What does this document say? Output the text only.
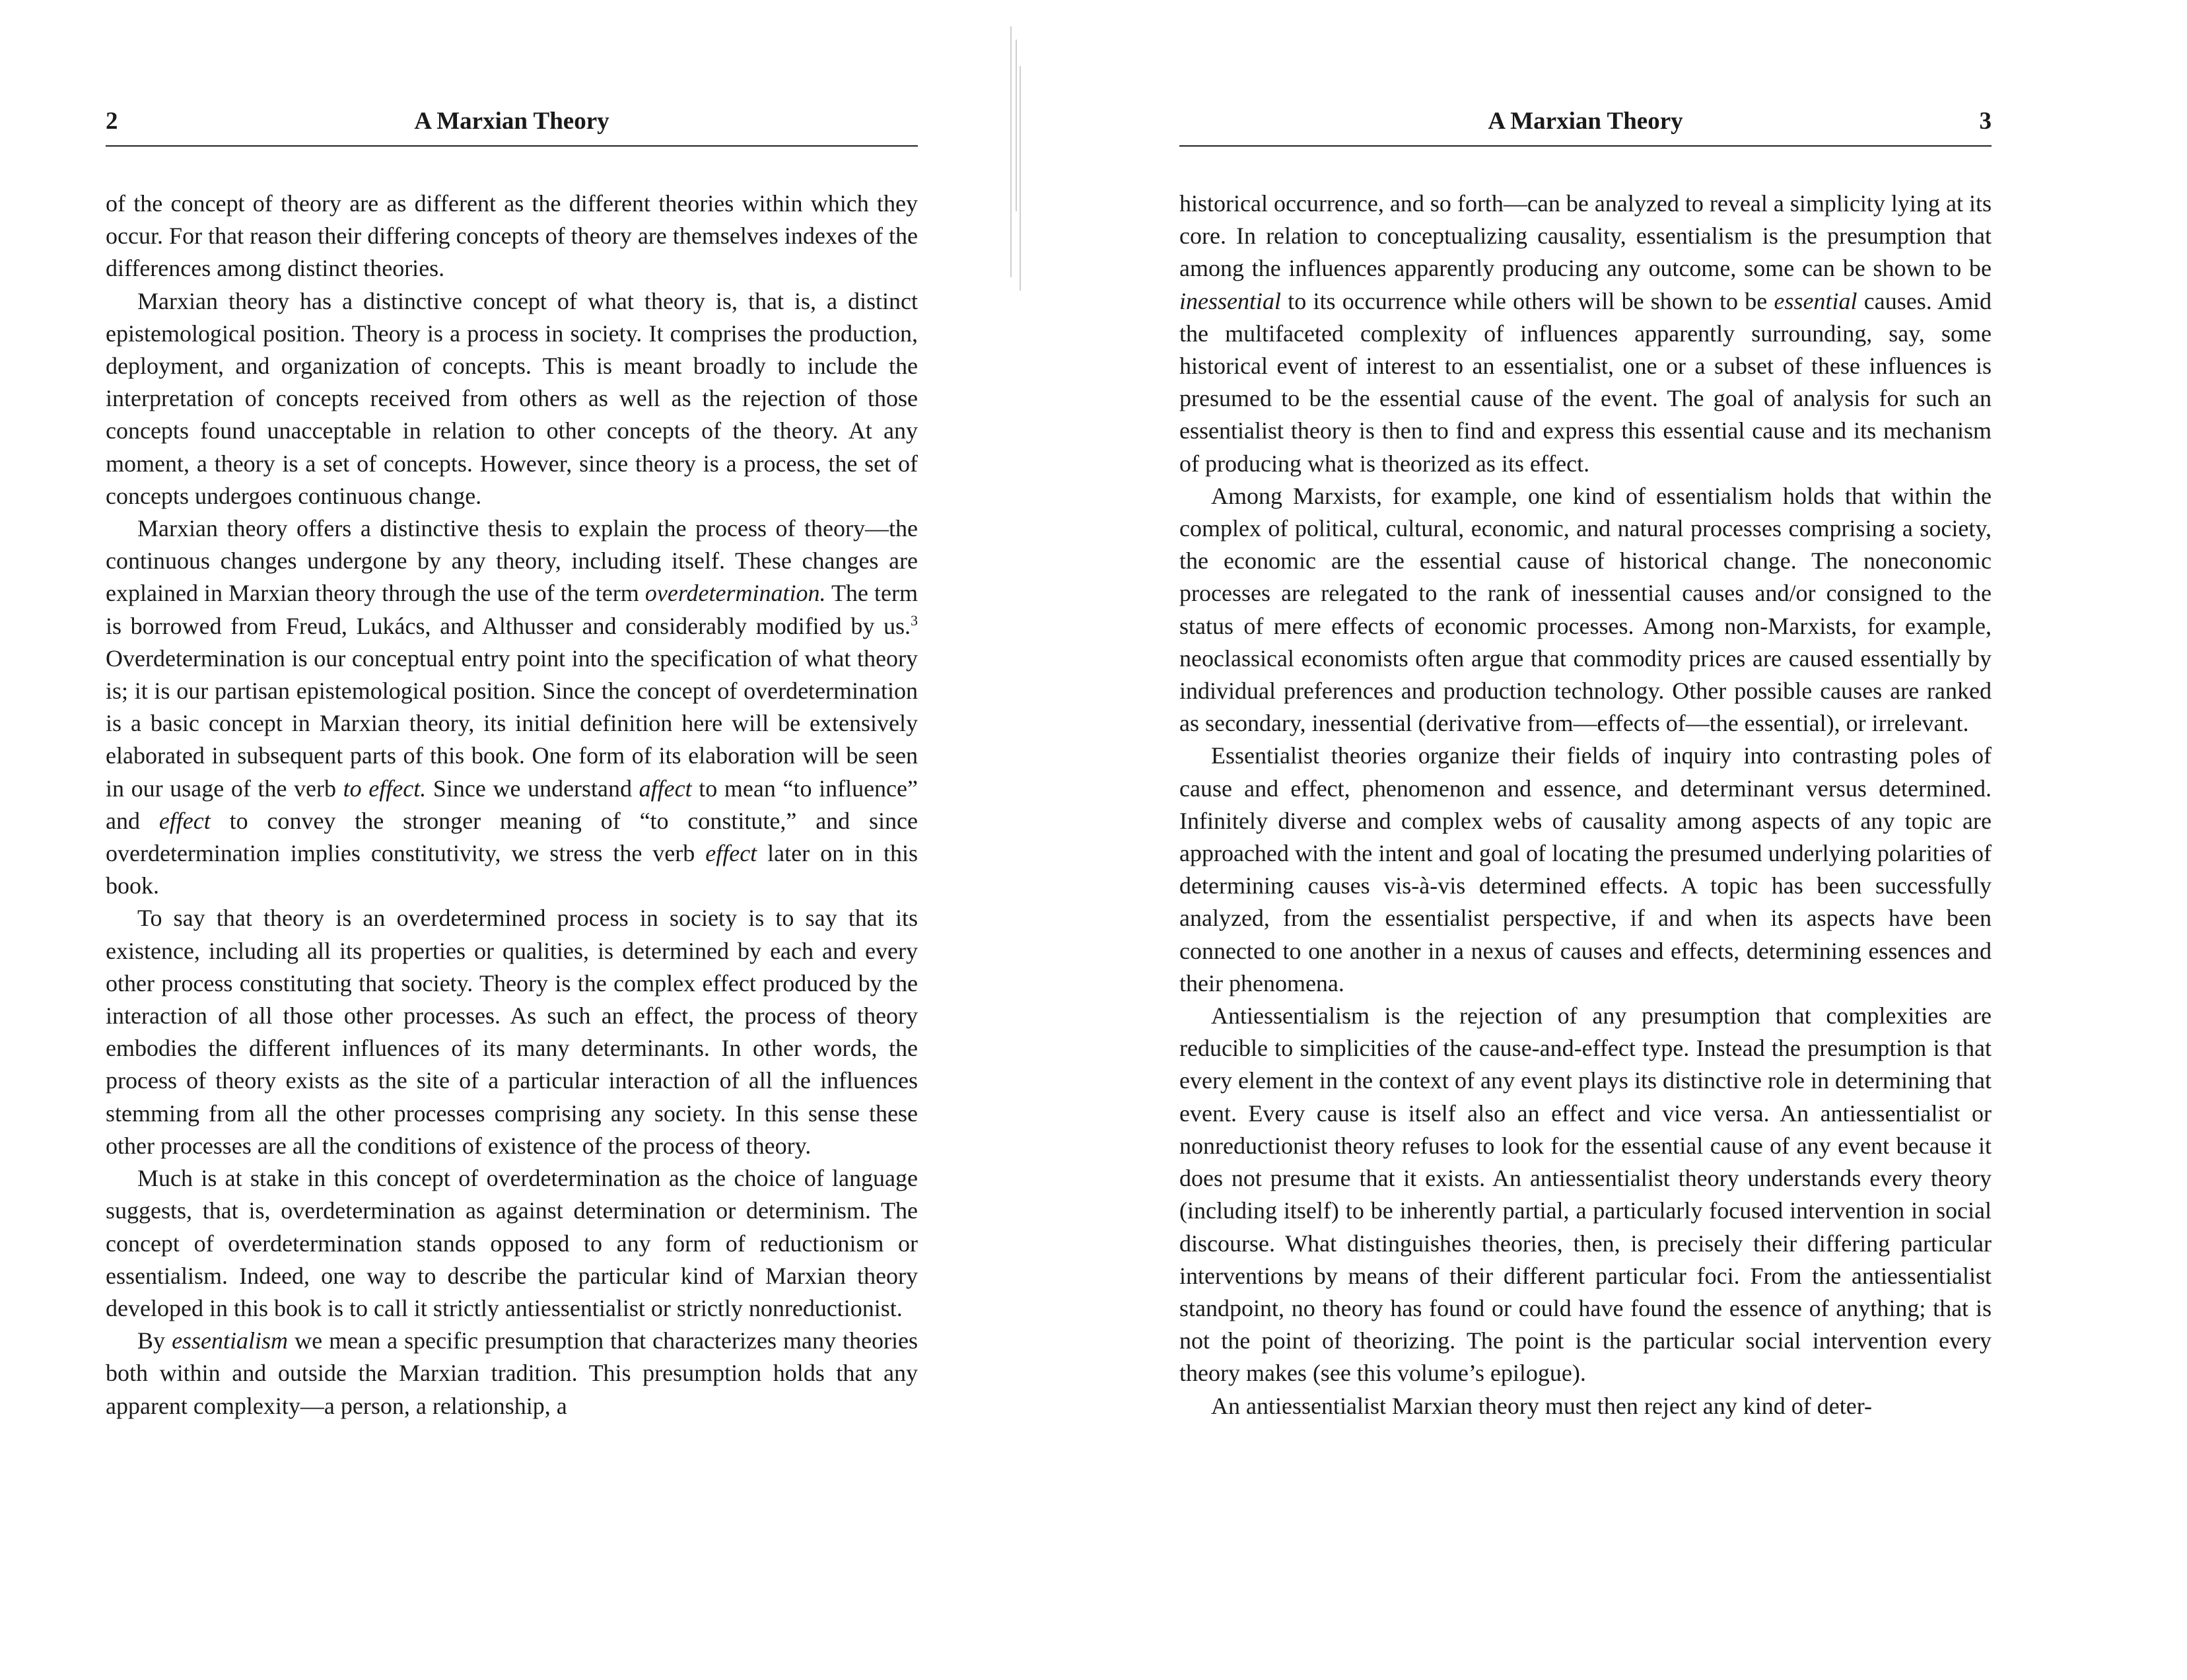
2	A Marxian Theory

of the concept of theory are as different as the different theories within which they occur. For that reason their differing concepts of theory are themselves indexes of the differences among distinct theories.

Marxian theory has a distinctive concept of what theory is, that is, a distinct epistemological position. Theory is a process in society. It comprises the production, deployment, and organization of concepts. This is meant broadly to include the interpretation of concepts received from others as well as the rejection of those concepts found unacceptable in relation to other concepts of the theory. At any moment, a theory is a set of concepts. However, since theory is a process, the set of concepts undergoes continuous change.

Marxian theory offers a distinctive thesis to explain the process of theory—the continuous changes undergone by any theory, including itself. These changes are explained in Marxian theory through the use of the term overdetermination. The term is borrowed from Freud, Lukács, and Althusser and considerably modified by us.$^3$ Overdetermination is our conceptual entry point into the specification of what theory is; it is our partisan epistemological position. Since the concept of overdetermination is a basic concept in Marxian theory, its initial definition here will be extensively elaborated in subsequent parts of this book. One form of its elaboration will be seen in our usage of the verb to effect. Since we understand affect to mean “to influence” and effect to convey the stronger meaning of “to constitute,” and since overdetermination implies constitutivity, we stress the verb effect later on in this book.

To say that theory is an overdetermined process in society is to say that its existence, including all its properties or qualities, is determined by each and every other process constituting that society. Theory is the complex effect produced by the interaction of all those other processes. As such an effect, the process of theory embodies the different influences of its many determinants. In other words, the process of theory exists as the site of a particular interaction of all the influences stemming from all the other processes comprising any society. In this sense these other processes are all the conditions of existence of the process of theory.

Much is at stake in this concept of overdetermination as the choice of language suggests, that is, overdetermination as against determination or determinism. The concept of overdetermination stands opposed to any form of reductionism or essentialism. Indeed, one way to describe the particular kind of Marxian theory developed in this book is to call it strictly antiessentialist or strictly nonreductionist.

By essentialism we mean a specific presumption that characterizes many theories both within and outside the Marxian tradition. This presumption holds that any apparent complexity—a person, a relationship, a

A Marxian Theory	3

historical occurrence, and so forth—can be analyzed to reveal a simplicity lying at its core. In relation to conceptualizing causality, essentialism is the presumption that among the influences apparently producing any outcome, some can be shown to be inessential to its occurrence while others will be shown to be essential causes. Amid the multifaceted complexity of influences apparently surrounding, say, some historical event of interest to an essentialist, one or a subset of these influences is presumed to be the essential cause of the event. The goal of analysis for such an essentialist theory is then to find and express this essential cause and its mechanism of producing what is theorized as its effect.

Among Marxists, for example, one kind of essentialism holds that within the complex of political, cultural, economic, and natural processes comprising a society, the economic are the essential cause of historical change. The noneconomic processes are relegated to the rank of inessential causes and/or consigned to the status of mere effects of economic processes. Among non-Marxists, for example, neoclassical economists often argue that commodity prices are caused essentially by individual preferences and production technology. Other possible causes are ranked as secondary, inessential (derivative from—effects of—the essential), or irrelevant.

Essentialist theories organize their fields of inquiry into contrasting poles of cause and effect, phenomenon and essence, and determinant versus determined. Infinitely diverse and complex webs of causality among aspects of any topic are approached with the intent and goal of locating the presumed underlying polarities of determining causes vis-à-vis determined effects. A topic has been successfully analyzed, from the essentialist perspective, if and when its aspects have been connected to one another in a nexus of causes and effects, determining essences and their phenomena.

Antiessentialism is the rejection of any presumption that complexities are reducible to simplicities of the cause-and-effect type. Instead the presumption is that every element in the context of any event plays its distinctive role in determining that event. Every cause is itself also an effect and vice versa. An antiessentialist or nonreductionist theory refuses to look for the essential cause of any event because it does not presume that it exists. An antiessentialist theory understands every theory (including itself) to be inherently partial, a particularly focused intervention in social discourse. What distinguishes theories, then, is precisely their differing particular interventions by means of their different particular foci. From the antiessentialist standpoint, no theory has found or could have found the essence of anything; that is not the point of theorizing. The point is the particular social intervention every theory makes (see this volume’s epilogue).

An antiessentialist Marxian theory must then reject any kind of deter-
